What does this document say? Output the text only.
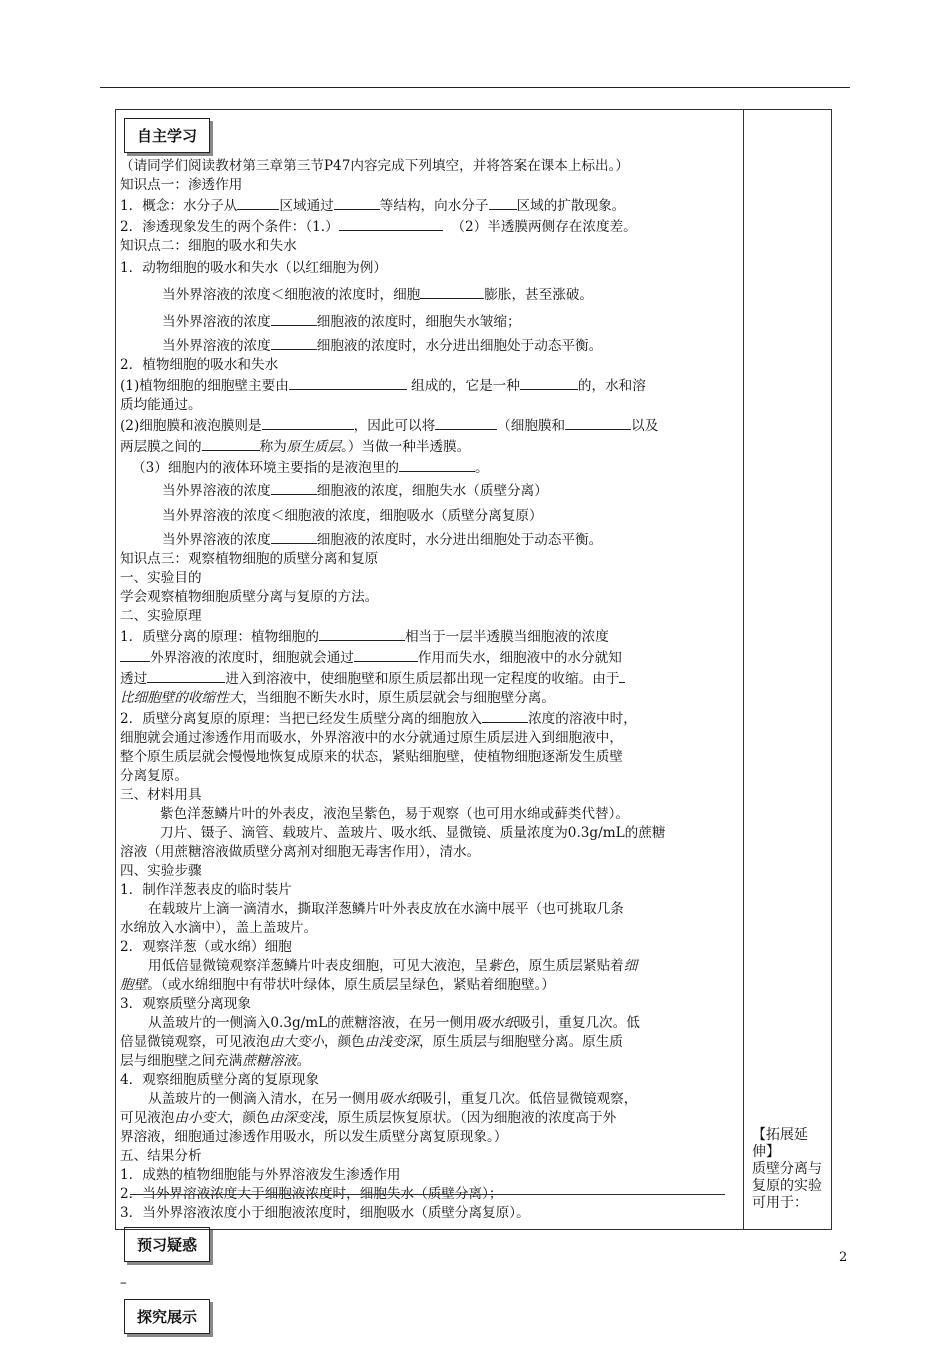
自主学习
（请同学们阅读教材第三章第三节P47内容完成下列填空，并将答案在课本上标出。）
知识点一：渗透作用
1．概念：水分子从	区域通过	等结构，向水分子 区域的扩散现象。
2．渗透现象发生的两个条件：（1.）	（2）半透膜两侧存在浓度差。
知识点二：细胞的吸水和失水
1．动物细胞的吸水和失水（以红细胞为例）
当外界溶液的浓度＜细胞液的浓度时，细胞	膨胀，甚至涨破。
当外界溶液的浓度	细胞液的浓度时，细胞失水皱缩；
当外界溶液的浓度	细胞液的浓度时，水分进出细胞处于动态平衡。
2．植物细胞的吸水和失水
(1)植物细胞的细胞壁主要由	组成的，它是一种	的，水和溶
质均能通过。
(2)细胞膜和液泡膜则是	，因此可以将	（细胞膜和	以及
两层膜之间的	称为原生质层。）当做一种半透膜。
（3）细胞内的液体环境主要指的是液泡里的	。
当外界溶液的浓度	细胞液的浓度，细胞失水（质壁分离）
当外界溶液的浓度＜细胞液的浓度，细胞吸水（质壁分离复原）
当外界溶液的浓度	细胞液的浓度时，水分进出细胞处于动态平衡。
知识点三：观察植物细胞的质壁分离和复原
一、实验目的
学会观察植物细胞质壁分离与复原的方法。
二、实验原理
1．质壁分离的原理：植物细胞的	相当于一层半透膜当细胞液的浓度
外界溶液的浓度时，细胞就会通过	作用而失水，细胞液中的水分就知
透过	进入到溶液中，使细胞壁和原生质层都出现一定程度的收缩。由于
比细胞壁的收缩性大，当细胞不断失水时，原生质层就会与细胞壁分离。
2．质壁分离复原的原理：当把已经发生质壁分离的细胞放入	浓度的溶液中时，
细胞就会通过渗透作用而吸水，外界溶液中的水分就通过原生质层进入到细胞液中，
整个原生质层就会慢慢地恢复成原来的状态，紧贴细胞壁，使植物细胞逐渐发生质壁
分离复原。
三、材料用具
紫色洋葱鳞片叶的外表皮，液泡呈紫色，易于观察（也可用水绵或藓类代替）。
刀片、镊子、滴管、载玻片、盖玻片、吸水纸、显微镜、质量浓度为0.3g/mL的蔗糖
溶液（用蔗糖溶液做质壁分离剂对细胞无毒害作用），清水。
四、实验步骤
1．制作洋葱表皮的临时装片
在载玻片上滴一滴清水，撕取洋葱鳞片叶外表皮放在水滴中展平（也可挑取几条
水绵放入水滴中），盖上盖玻片。
2．观察洋葱（或水绵）细胞
用低倍显微镜观察洋葱鳞片叶表皮细胞，可见大液泡，呈紫色，原生质层紧贴着细
胞壁。（或水绵细胞中有带状叶绿体，原生质层呈绿色，紧贴着细胞壁。）
3．观察质壁分离现象
从盖玻片的一侧滴入0.3g/mL的蔗糖溶液，在另一侧用吸水纸吸引，重复几次。低
倍显微镜观察，可见液泡由大变小，颜色由浅变深，原生质层与细胞壁分离。原生质
层与细胞壁之间充满蔗糖溶液。
4．观察细胞质壁分离的复原现象
从盖玻片的一侧滴入清水，在另一侧用吸水纸吸引，重复几次。低倍显微镜观察，
可见液泡由小变大，颜色由深变浅，原生质层恢复原状。（因为细胞液的浓度高于外
界溶液，细胞通过渗透作用吸水，所以发生质壁分离复原现象。）
五、结果分析
1．成熟的植物细胞能与外界溶液发生渗透作用
2．当外界溶液浓度大于细胞液浓度时，细胞失水（质壁分离）；
3．当外界溶液浓度小于细胞液浓度时，细胞吸水（质壁分离复原）。
预习疑惑
–
探究展示
【拓展延伸】
质壁分离与复原的实验可用于：
2
